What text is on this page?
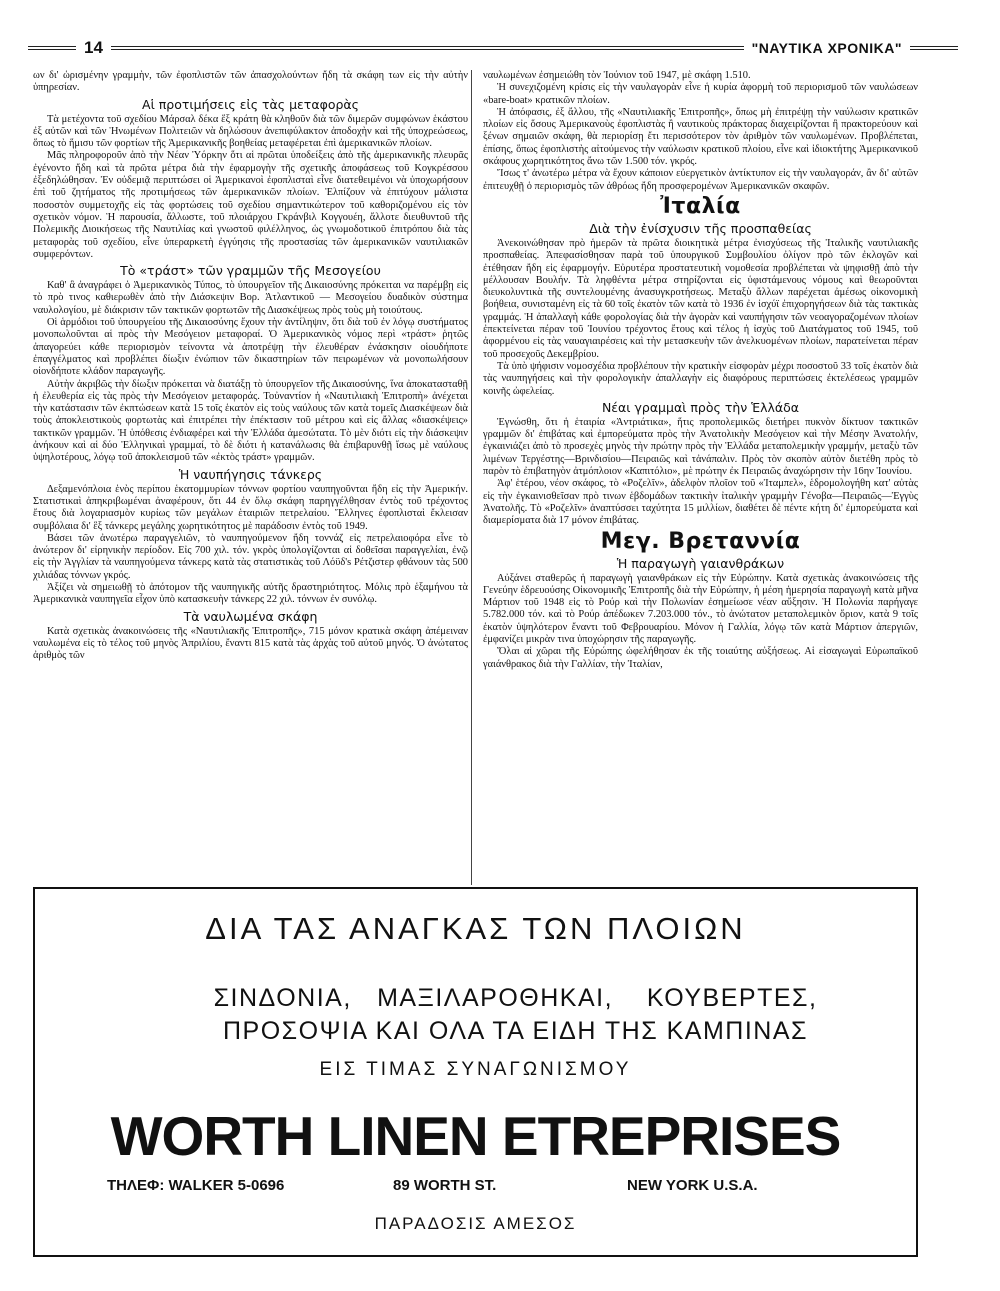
14	"ΝΑΥΤΙΚΑ ΧΡΟΝΙΚΑ"

ων δι' ὡρισμένην γραμμὴν, τῶν ἐφοπλιστῶν τῶν ἀπασχολούντων ἤδη τὰ σκάφη των εἰς τὴν αὐτὴν ὑπηρεσίαν.

Αἱ προτιμήσεις εἰς τὰς μεταφορὰς

Τὰ μετέχοντα τοῦ σχεδίου Μάρσαλ δέκα ἕξ κράτη θὰ κληθοῦν διὰ τῶν διμερῶν συμφώνων ἑκάστου ἐξ αὐτῶν καὶ τῶν Ἡνωμένων Πολιτειῶν νὰ δηλώσουν ἀνεπιφύλακτον ἀποδοχὴν καὶ τῆς ὑποχρεώσεως, ὅπως τὸ ἥμισυ τῶν φορτίων τῆς Ἀμερικανικῆς βοηθείας μεταφέρεται ἐπὶ ἀμερικανικῶν πλοίων.

Μᾶς πληροφοροῦν ἀπὸ τὴν Νέαν Ὑόρκην ὅτι αἱ πρῶται ὑποδείξεις ἀπὸ τῆς ἀμερικανικῆς πλευρᾶς ἐγένοντο ἤδη καὶ τὰ πρῶτα μέτρα διὰ τὴν ἐφαρμογὴν τῆς σχετικῆς ἀποφάσεως τοῦ Κογκρέσσου ἐξεδηλώθησαν. Ἐν οὐδεμιᾷ περιπτώσει οἱ Ἀμερικανοὶ ἐφοπλισταὶ εἶνε διατεθειμένοι νὰ ὑποχωρήσουν ἐπὶ τοῦ ζητήματος τῆς προτιμήσεως τῶν ἀμερικανικῶν πλοίων. Ἐλπίζουν νὰ ἐπιτύχουν μάλιστα ποσοστὸν συμμετοχῆς εἰς τὰς φορτώσεις τοῦ σχεδίου σημαντικώτερον τοῦ καθοριζομένου εἰς τὸν σχετικὸν νόμον. Ἡ παρουσία, ἄλλωστε, τοῦ πλοιάρχου Γκράνβιλ Κογγουέη, ἄλλοτε διευθυντοῦ τῆς Πολεμικῆς Διοικήσεως τῆς Ναυτιλίας καὶ γνωστοῦ φιλέλληνος, ὡς γνωμοδοτικοῦ ἐπιτρόπου διὰ τὰς μεταφορὰς τοῦ σχεδίου, εἶνε ὑπεραρκετὴ ἐγγύησις τῆς προστασίας τῶν ἀμερικανικῶν ναυτιλιακῶν συμφερόντων.

Τὸ «τράστ» τῶν γραμμῶν τῆς Μεσογείου

Καθ' ἃ ἀναγράφει ὁ Ἀμερικανικὸς Τύπος, τὸ ὑπουργεῖον τῆς Δικαιοσύνης πρόκειται να παρέμβῃ εἰς τὸ πρὸ τινος καθιερωθὲν ἀπὸ τὴν Διάσκεψιν Βορ. Ἀτλαντικοῦ — Μεσογείου δυαδικὸν σύστημα ναυλολογίου, μὲ διάκρισιν τῶν τακτικῶν φορτωτῶν τῆς Διασκέψεως πρὸς τοὺς μὴ τοιούτους.

Οἱ ἁρμόδιοι τοῦ ὑπουργείου τῆς Δικαιοσύνης ἔχουν τὴν ἀντίληψιν, ὅτι διὰ τοῦ ἐν λόγῳ συστήματος μονοπωλοῦνται αἱ πρὸς τὴν Μεσόγειον μεταφοραί. Ὁ Ἀμερικανικὸς νόμος περὶ «τράστ» ῥητῶς ἀπαγορεύει κάθε περιορισμὸν τείνοντα νὰ ἀποτρέψῃ τὴν ἐλευθέραν ἐνάσκησιν οἱουδήποτε ἐπαγγέλματος καὶ προβλέπει δίωξιν ἐνώπιον τῶν δικαστηρίων τῶν πειρωμένων νὰ μονοπωλήσουν οἱονδήποτε κλάδον παραγωγῆς.

Αὐτὴν ἀκριβῶς τὴν δίωξιν πρόκειται νὰ διατάξῃ τὸ ὑπουργεῖον τῆς Δικαιοσύνης, ἵνα ἀποκατασταθῇ ἡ ἐλευθερία εἰς τὰς πρὸς τὴν Μεσόγειον μεταφοράς. Τοὐναντίον ἡ «Ναυτιλιακὴ Ἐπιτροπὴ» ἀνέχεται τὴν κατάστασιν τῶν ἐκπτώσεων κατὰ 15 τοῖς ἑκατὸν εἰς τοὺς ναύλους τῶν κατὰ τομεῖς Διασκέψεων διὰ τοὺς ἀποκλειστικοὺς φορτωτὰς καὶ ἐπιτρέπει τὴν ἐπέκτασιν τοῦ μέτρου καὶ εἰς ἄλλας «διασκέψεις» τακτικῶν γραμμῶν. Ἡ ὑπόθεσις ἐνδιαφέρει καὶ τὴν Ἑλλάδα ἀμεσώτατα. Τὸ μὲν διότι εἰς τὴν διάσκεψιν ἀνήκουν καὶ αἱ δύο Ἑλληνικαὶ γραμμαί, τὸ δὲ διότι ἡ κατανάλωσις θὰ ἐπιβαρυνθῇ ἴσως μὲ ναύλους ὑψηλοτέρους, λόγῳ τοῦ ἀποκλεισμοῦ τῶν «ἐκτὸς τράστ» γραμμῶν.

Ἡ ναυπήγησις τάνκερς

Δεξαμενόπλοια ἑνὸς περίπου ἑκατομμυρίων τόννων φορτίου ναυπηγοῦνται ἤδη εἰς τὴν Ἀμερικήν. Στατιστικαὶ ἀπηκριβωμέναι ἀναφέρουν, ὅτι 44 ἐν ὅλῳ σκάφη παρηγγέλθησαν ἐντὸς τοῦ τρέχοντος ἔτους διὰ λογαριασμὸν κυρίως τῶν μεγάλων ἑταιριῶν πετρελαίου. Ἕλληνες ἐφοπλισταὶ ἔκλεισαν συμβόλαια δι' ἓξ τάνκερς μεγάλης χωρητικότητος μὲ παράδοσιν ἐντὸς τοῦ 1949.

Βάσει τῶν ἀνωτέρω παραγγελιῶν, τὸ ναυπηγούμενον ἤδη τοννάζ εἰς πετρελαιοφόρα εἶνε τὸ ἀνώτερον δι' εἰρηνικὴν περίοδον. Εἰς 700 χιλ. τόν. γκρὸς ὑπολογίζονται αἱ δοθεῖσαι παραγγελίαι, ἐνῷ εἰς τὴν Ἀγγλίαν τὰ ναυπηγούμενα τάνκερς κατὰ τὰς στατιστικὰς τοῦ Λόϋδ's Ρέτζιστερ φθάνουν τὰς 500 χιλιάδας τόννων γκρός.

Ἀξίζει νὰ σημειωθῇ τὸ ἀπότομον τῆς ναυπηγικῆς αὐτῆς δραστηριότητος. Μόλις πρὸ ἑξαμήνου τὰ Ἀμερικανικὰ ναυπηγεῖα εἶχον ὑπὸ κατασκευὴν τάνκερς 22 χιλ. τόννων ἐν συνόλῳ.

Τὰ ναυλωμένα σκάφη

Κατὰ σχετικὰς ἀνακοινώσεις τῆς «Ναυτιλιακῆς Ἐπιτροπῆς», 715 μόνον κρατικὰ σκάφη ἀπέμειναν ναυλωμένα εἰς τὸ τέλος τοῦ μηνὸς Ἀπριλίου, ἔναντι 815 κατὰ τὰς ἀρχὰς τοῦ αὐτοῦ μηνός. Ὁ ἀνώτατος ἀριθμὸς τῶν

ναυλωμένων ἐσημειώθη τὸν Ἰούνιον τοῦ 1947, μὲ σκάφη 1.510.

Ἡ συνεχιζομένη κρίσις εἰς τὴν ναυλαγορὰν εἶνε ἡ κυρία ἀφορμὴ τοῦ περιορισμοῦ τῶν ναυλώσεων «bare-boat» κρατικῶν πλοίων.

Ἡ ἀπόφασις, ἐξ ἄλλου, τῆς «Ναυτιλιακῆς Ἐπιτροπῆς», ὅπως μὴ ἐπιτρέψῃ τὴν ναύλωσιν κρατικῶν πλοίων εἰς ὅσους Ἀμερικανοὺς ἐφοπλιστὰς ἢ ναυτικοὺς πράκτορας διαχειρίζονται ἢ πρακτορεύουν καὶ ξένων σημαιῶν σκάφη, θὰ περιορίσῃ ἔτι περισσότερον τὸν ἀριθμὸν τῶν ναυλωμένων. Προβλέπεται, ἐπίσης, ὅπως ἐφοπλιστὴς αἰτούμενος τὴν ναύλωσιν κρατικοῦ πλοίου, εἶνε καὶ ἰδιοκτήτης Ἀμερικανικοῦ σκάφους χωρητικότητος ἄνω τῶν 1.500 τόν. γκρός.

Ἴσως τ' ἀνωτέρω μέτρα νὰ ἔχουν κάποιον εὐεργετικὸν ἀντίκτυπον εἰς τὴν ναυλαγοράν, ἂν δι' αὐτῶν ἐπιτευχθῇ ὁ περιορισμὸς τῶν ἀθρόως ἤδη προσφερομένων Ἀμερικανικῶν σκαφῶν.

Ἰταλία
Διὰ τὴν ἐνίσχυσιν τῆς προσπαθείας

Ἀνεκοινώθησαν πρὸ ἡμερῶν τὰ πρῶτα διοικητικὰ μέτρα ἐνισχύσεως τῆς Ἰταλικῆς ναυτιλιακῆς προσπαθείας. Ἀπεφασίσθησαν παρὰ τοῦ ὑπουργικοῦ Συμβουλίου ὀλίγον πρὸ τῶν ἐκλογῶν καὶ ἐτέθησαν ἤδη εἰς ἐφαρμογήν. Εὐρυτέρα προστατευτικὴ νομοθεσία προβλέπεται νὰ ψηφισθῇ ἀπὸ τὴν μέλλουσαν Βουλήν. Τὰ ληφθέντα μέτρα στηρίζονται εἰς ὑφιστάμενους νόμους καὶ θεωροῦνται διευκολυντικὰ τῆς συντελουμένης ἀνασυγκροτήσεως. Μεταξὺ ἄλλων παρέχεται ἀμέσως οἰκονομικὴ βοήθεια, συνισταμένη εἰς τὰ 60 τοῖς ἑκατὸν τῶν κατὰ τὸ 1936 ἐν ἰσχύϊ ἐπιχορηγήσεων διὰ τὰς τακτικὰς γραμμάς. Ἡ ἀπαλλαγὴ κάθε φορολογίας διὰ τὴν ἀγορὰν καὶ ναυπήγησιν τῶν νεοαγοραζομένων πλοίων ἐπεκτείνεται πέραν τοῦ Ἰουνίου τρέχοντος ἔτους καὶ τέλος ἡ ἰσχὺς τοῦ Διατάγματος τοῦ 1945, τοῦ ἀφορμένου εἰς τὰς ναυαγιαιρέσεις καὶ τὴν μετασκευὴν τῶν ἀνελκυομένων πλοίων, παρατείνεται πέραν τοῦ προσεχοῦς Δεκεμβρίου.

Τὰ ὑπὸ ψήφισιν νομοσχέδια προβλέπουν τὴν κρατικὴν εἰσφορὰν μέχρι ποσοστοῦ 33 τοῖς ἑκατὸν διὰ τὰς ναυπηγήσεις καὶ τὴν φορολογικὴν ἀπαλλαγὴν εἰς διαφόρους περιπτώσεις ἐκτελέσεως γραμμῶν κοινῆς ὠφελείας.

Νέαι γραμμαὶ πρὸς τὴν Ἑλλάδα

Ἐγνώσθη, ὅτι ἡ ἑταιρία «Ἀντριάτικα», ἥτις προπολεμικῶς διετήρει πυκνὸν δίκτυον τακτικῶν γραμμῶν δι' ἐπιβάτας καὶ ἐμπορεύματα πρὸς τὴν Ἀνατολικὴν Μεσόγειον καὶ τὴν Μέσην Ἀνατολήν, ἐγκαινιάζει ἀπὸ τὸ προσεχὲς μηνὸς τὴν πρώτην πρὸς τὴν Ἑλλάδα μεταπολεμικὴν γραμμήν, μεταξὺ τῶν λιμένων Τεργέστης—Βρινδισίου—Πειραιῶς καὶ τἀνάπαλιν. Πρὸς τὸν σκοπὸν αὐτὸν διετέθη πρὸς τὸ παρὸν τὸ ἐπιβατηγὸν ἀτμόπλοιον «Καπιτόλιο», μὲ πρώτην ἐκ Πειραιῶς ἀναχώρησιν τὴν 16ην Ἰουνίου.

Ἀφ' ἑτέρου, νέον σκάφος, τὸ «Ροζελῖν», ἀδελφὸν πλοῖον τοῦ «Ἰταμπελ», ἑδρομολογήθη κατ' αὐτὰς εἰς τὴν ἐγκαινισθεῖσαν πρὸ τινων ἑβδομάδων τακτικὴν ἰταλικὴν γραμμὴν Γένοβα—Πειραιῶς—Ἐγγὺς Ἀνατολῆς. Τὸ «Ροζελῖν» ἀναπτύσσει ταχύτητα 15 μιλλίων, διαθέτει δὲ πέντε κήτη δι' ἐμπορεύματα καὶ διαμερίσματα διὰ 17 μόνον ἐπιβάτας.

Μεγ. Βρεταννία
Ἡ παραγωγὴ γαιανθράκων

Αὐξάνει σταθερῶς ἡ παραγωγὴ γαιανθράκων εἰς τὴν Εὐρώπην. Κατὰ σχετικὰς ἀνακοινώσεις τῆς Γενεύην ἑδρευούσης Οἰκονομικῆς Ἐπιτροπῆς διὰ τὴν Εὐρώπην, ἡ μέση ἡμερησία παραγωγὴ κατὰ μῆνα Μάρτιον τοῦ 1948 εἰς τὸ Ρούρ καὶ τὴν Πολωνίαν ἐσημείωσε νέαν αὔξησιν. Ἡ Πολωνία παρήγαγε 5.782.000 τόν. καὶ τὸ Ρούρ ἀπέδωκεν 7.203.000 τόν., τὸ ἀνώτατον μεταπολεμικὸν ὅριον, κατὰ 9 τοῖς ἑκατὸν ὑψηλότερον ἔναντι τοῦ Φεβρουαρίου. Μόνον ἡ Γαλλία, λόγῳ τῶν κατὰ Μάρτιον ἀπεργιῶν, ἐμφανίζει μικρὰν τινα ὑποχώρησιν τῆς παραγωγῆς.

Ὅλαι αἱ χῶραι τῆς Εὐρώπης ὠφελήθησαν ἐκ τῆς τοιαύτης αὐξήσεως. Αἱ εἰσαγωγαὶ Εὐρωπαϊκοῦ γαιάνθρακος διὰ τὴν Γαλλίαν, τὴν Ἰταλίαν,

ΔΙΑ ΤΑΣ ΑΝΑΓΚΑΣ ΤΩΝ ΠΛΟΙΩΝ
ΣΙΝΔΟΝΙΑ,   ΜΑΞΙΛΑΡΟΘΗΚΑΙ,    ΚΟΥΒΕΡΤΕΣ,
ΠΡΟΣΟΨΙΑ ΚΑΙ ΟΛΑ ΤΑ ΕΙΔΗ ΤΗΣ ΚΑΜΠΙΝΑΣ
ΕΙΣ ΤΙΜΑΣ ΣΥΝΑΓΩΝΙΣΜΟΥ
WORTH LINEN ETREPRISES
ΤΗΛΕΦ: WALKER 5-0696	89 WORTH ST.	NEW YORK U.S.A.
ΠΑΡΑΔΟΣΙΣ ΑΜΕΣΟΣ
